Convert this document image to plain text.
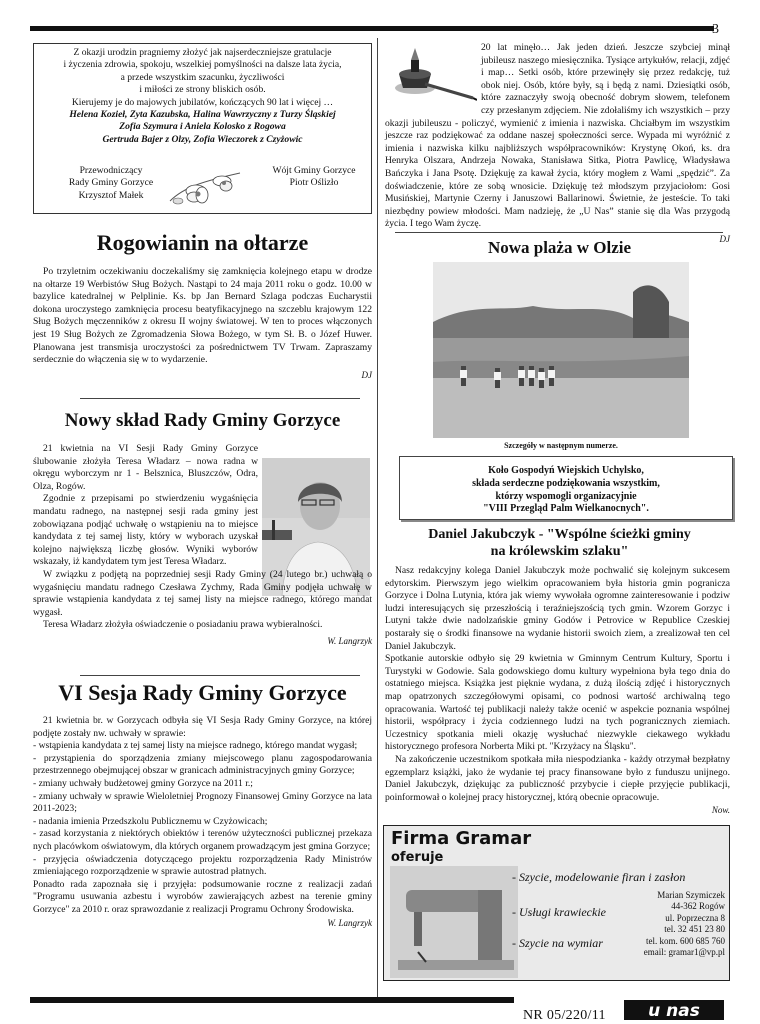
3
Z okazji urodzin pragniemy złożyć jak najserdeczniejsze gratulacje
i życzenia zdrowia, spokoju, wszelkiej pomyślności na dalsze lata życia,
a przede wszystkim szacunku, życzliwości
i miłości ze strony bliskich osób.
Kierujemy je do majowych jubilatów, kończących 90 lat i więcej …
Helena Kozieł, Zyta Kazubska, Halina Wawrzyczny z Turzy Śląskiej
Zofia Szymura i Aniela Kolosko z Rogowa
Gertruda Bajer z Olzy, Zofia Wieczorek z Czyżowic
Przewodniczący
Rady Gminy Gorzyce
Krzysztof Małek
Wójt Gminy Gorzyce
Piotr Oślizło
Rogowianin na ołtarze

Po trzyletnim oczekiwaniu doczekaliśmy się zamknięcia kolejnego etapu w drodze na ołtarze 19 Werbistów Sług Bożych. Nastąpi to 24 maja 2011 roku o godz. 10.00 w bazylice katedralnej w Pelplinie. Ks. bp Jan Bernard Szlaga podczas Eucharystii dokona uroczystego zamknięcia procesu beatyfikacyjnego na szczeblu krajowym 122 Sług Bożych męczenników z okresu II wojny światowej. W ten to proces włączonych jest 19 Sług Bożych ze Zgromadzenia Słowa Bożego, w tym Sł. B. o Józef Huwer. Planowana jest transmisja uroczystości za pośrednictwem TV Trwam. Zapraszamy serdecznie do włączenia się w to wydarzenie.

DJ
Nowy skład Rady Gminy Gorzyce

21 kwietnia na VI Sesji Rady Gminy Gorzyce ślubowanie złożyła Teresa Władarz – nowa radna w okręgu wyborczym nr 1 - Belsznica, Bluszczów, Odra, Olza, Rogów.

Zgodnie z przepisami po stwierdzeniu wygaśnięcia mandatu radnego, na następnej sesji rada gminy jest zobowiązana podjąć uchwałę o wstąpieniu na to miejsce kandydata z tej samej listy, który w wyborach uzyskał kolejno największą liczbę głosów. Wyniki wyborów wskazały, iż kandydatem tym jest Teresa Władarz.

W związku z podjętą na poprzedniej sesji Rady Gminy (24 lutego br.) uchwałą o wygaśnięciu mandatu radnego Czesława Zychmy, Rada Gminy podjęła uchwałę w sprawie wstąpienia kandydata z tej samej listy na miejsce radnego, którego mandat wygasł.

Teresa Władarz złożyła oświadczenie o posiadaniu prawa wybieralności.

W. Langrzyk
VI Sesja Rady Gminy Gorzyce

21 kwietnia br. w Gorzycach odbyła się VI Sesja Rady Gminy Gorzyce, na której podjęte zostały nw. uchwały w sprawie:

- wstąpienia kandydata z tej samej listy na miejsce radnego, którego mandat wygasł;
- przystąpienia do sporządzenia zmiany miejscowego planu zagospodarowania przestrzennego obejmującej obszar w granicach administracyjnych gminy Gorzyce;
- zmiany uchwały budżetowej gminy Gorzyce na 2011 r.;
- zmiany uchwały w sprawie Wieloletniej Prognozy Finansowej Gminy Gorzyce na lata 2011-2023;
- nadania imienia Przedszkolu Publicznemu w Czyżowicach;
- zasad korzystania z niektórych obiektów i terenów użyteczności publicznej przekaza nych placówkom oświatowym, dla których organem prowadzącym jest gmina Gorzyce;
- przyjęcia oświadczenia dotyczącego projektu rozporządzenia Rady Ministrów zmieniającego rozporządzenie w sprawie autostrad płatnych.

Ponadto rada zapoznała się i przyjęła: podsumowanie roczne z realizacji zadań "Programu usuwania azbestu i wyrobów zawierających azbest na terenie gminy Gorzyce" za 2010 r. oraz sprawozdanie z realizacji Programu Ochrony Środowiska.

W. Langrzyk

20 lat minęło… Jak jeden dzień. Jeszcze szybciej minął jubileusz naszego miesięcznika. Tysiące artykułów, relacji, zdjęć i map… Setki osób, które przewinęły się przez redakcję, tuż obok niej. Osób, które były, są i będą z nami. Dziesiątki osób, które zaznaczyły swoją obecność dobrym słowem, telefonem czy przesłanym zdjęciem. Nie zdołaliśmy ich wszystkich – przy okazji jubileuszu - policzyć, wymienić z imienia i nazwiska. Chciałbym im wszystkim jeszcze raz podziękować za oddane naszej społeczności serce. Wypada mi wyróżnić z imienia i nazwiska kilku najbliższych współpracowników: Krystynę Okoń, ks. dra Henryka Olszara, Andrzeja Nowaka, Stanisława Sitka, Piotra Pawlicę, Władysława Bańczyka i Jana Psotę. Dziękuję za kawał życia, który mogłem z Wami „spędzić”. Za doświadczenie, które ze sobą wnosicie. Dziękuję też młodszym przyjaciołom: Gosi Musińskiej, Martynie Czerny i Januszowi Ballarinowi. Świetnie, że jesteście. To taki niezbędny powiew młodości. Mam nadzieję, że „U Nas” stanie się dla Was przygodą życia. I tego Wam życzę.

DJ
Nowa plaża w Olzie
Szczegóły w następnym numerze.
Koło Gospodyń Wiejskich Uchylsko,
składa serdeczne podziękowania wszystkim,
którzy wspomogli organizacyjnie
"VIII Przegląd Palm Wielkanocnych".
Daniel Jakubczyk - "Wspólne ścieżki gminy
na królewskim szlaku"

Nasz redakcyjny kolega Daniel Jakubczyk może pochwalić się kolejnym sukcesem edytorskim. Pierwszym jego wielkim opracowaniem była historia gmin pogranicza Gorzyce i Dolna Lutynia, która jak wiemy wywołała ogromne zainteresowanie i podziw ludzi interesujących się przeszłością i teraźniejszością tych gmin. Wzorem Gorzyc i Lutyni także dwie nadolzańskie gminy Godów i Petrovice w Republice Czeskiej postarały się o środki finansowe na wydanie historii swoich ziem, a zrealizował ten cel Daniel Jakubczyk.

Spotkanie autorskie odbyło się 29 kwietnia w Gminnym Centrum Kultury, Sportu i Turystyki w Godowie. Sala godowskiego domu kultury wypełniona była tego dnia do ostatniego miejsca. Książka jest pięknie wydana, z dużą ilością zdjęć i historycznych map opatrzonych szczegółowymi opisami, co podnosi wartość archiwalną tego opracowania. Wartość tej publikacji należy także ocenić w aspekcie poznania wspólnej historii, współpracy i życia codziennego ludzi na tych pogranicznych ziemiach. Uczestnicy spotkania mieli okazję wysłuchać niezwykle ciekawego wykładu historycznego profesora Norberta Miki pt. "Krzyżacy na Śląsku".

Na zakończenie uczestnikom spotkała miła niespodzianka - każdy otrzymał bezpłatny egzemplarz książki, jako że wydanie tej pracy finansowane było z funduszu unijnego. Daniel Jakubczyk, dziękując za publiczność przybycie i ciepłe przyjęcie publikacji, poinformował o kolejnej pracy historycznej, którą obecnie opracowuje.

Now.
Firma Gramar
oferuje
- Szycie, modelowanie firan i zasłon
- Usługi krawieckie
- Szycie na wymiar
Marian Szymiczek
44-362 Rogów
ul. Poprzeczna 8
tel. 32 451 23 80
tel. kom. 600 685 760
email: gramar1@vp.pl
NR 05/220/11 u nas
